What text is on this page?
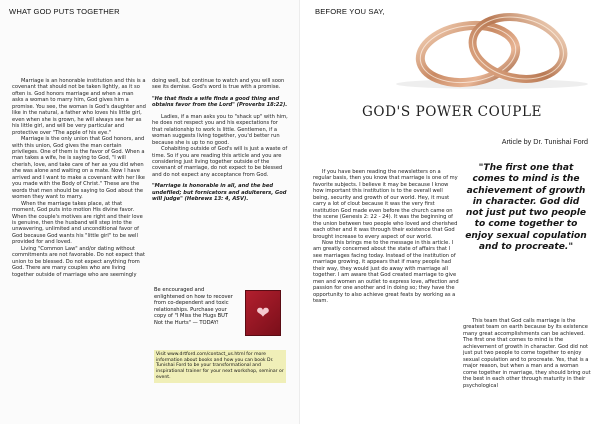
WHAT GOD PUTS TOGETHER

Marriage is an honorable institution and this is a covenant that should not be taken lightly, as it so often is. God honors marriage and when a man asks a woman to marry him, God gives him a promise. You see, the woman is God's daughter and like in the natural, a father who loves his little girl, even when she is grown, he will always see her as his little girl, and will be very particular and protective over "The apple of his eye."

Marriage is the only union that God honors, and with this union, God gives the man certain privileges. One of them is the favor of God. When a man takes a wife, he is saying to God, "I will cherish, love, and take care of her as you did when she was alone and waiting on a mate. Now I have arrived and I want to make a covenant with her like you made with the Body of Christ." These are the words that men should be saying to God about the women they want to marry.

When the marriage takes place, at that moment, God puts into motion His divine favor. When the couple's motives are right and their love is genuine, then the husband will step into the unwavering, unlimited and unconditional favor of God because God wants his "little girl" to be well provided for and loved.

Living "Common Law" and/or dating without commitments are not favorable. Do not expect that union to be blessed. Do not expect anything from God. There are many couples who are living together outside of marriage who are seemingly

doing well, but continue to watch and you will soon see its demise. God's word is true with a promise.

"He that finds a wife finds a good thing and obtains favor from the Lord" (Proverbs 18:22).

Ladies, if a man asks you to "shack up" with him, he does not respect you and his expectations for that relationship to work is little. Gentlemen, if a woman suggests living together, you'd better run because she is up to no good.

Cohabiting outside of God's will is just a waste of time. So if you are reading this article and you are considering just living together outside of the covenant of marriage, do not expect to be blessed and do not expect any acceptance from God.

"Marriage is honorable in all, and the bed undefiled; but fornicators and adulterers, God will judge" (Hebrews 13: 4, ASV).

Be encouraged and enlightened on how to recover from co-dependent and toxic relationships. Purchase your copy of "I Miss the Hugs BUT Not the Hurts" — TODAY!
❤
Visit www.drtford.com/contact_us.html for more information about books and how you can book Dr. Tunishai Ford to be your transformational and inspirational trainer for your next workshop, seminar or event.
BEFORE YOU SAY, "I DO"!
GOD'S POWER COUPLE
Article by Dr. Tunishai Ford

If you have been reading the newsletters on a regular basis, then you know that marriage is one of my favorite subjects. I believe it may be because I know how important this institution is to the overall well being, security and growth of our world. Hey, it must carry a lot of clout because it was the very first institution God made even before the church came on the scene (Genesis 2: 22 - 24). It was the beginning of the union between two people who loved and cherished each other and it was through their existence that God brought increase to every aspect of our world.

Now this brings me to the message in this article. I am greatly concerned about the state of affairs that I see marriages facing today. Instead of the institution of marriage growing, it appears that if many people had their way, they would just do away with marriage all together. I am aware that God created marriage to give men and women an outlet to express love, affection and passion for one another and in doing so; they have the opportunity to also achieve great feats by working as a team.

"The first one that comes to mind is the achievement of growth in character. God did not just put two people to come together to enjoy sexual copulation and to procreate."

This team that God calls marriage is the greatest team on earth because by its existence many great accomplishments can be achieved. The first one that comes to mind is the achievement of growth in character. God did not just put two people to come together to enjoy sexual copulation and to procreate. Yes, that is a major reason, but when a man and a woman come together in marriage, they should bring out the best in each other through maturity in their psychological
